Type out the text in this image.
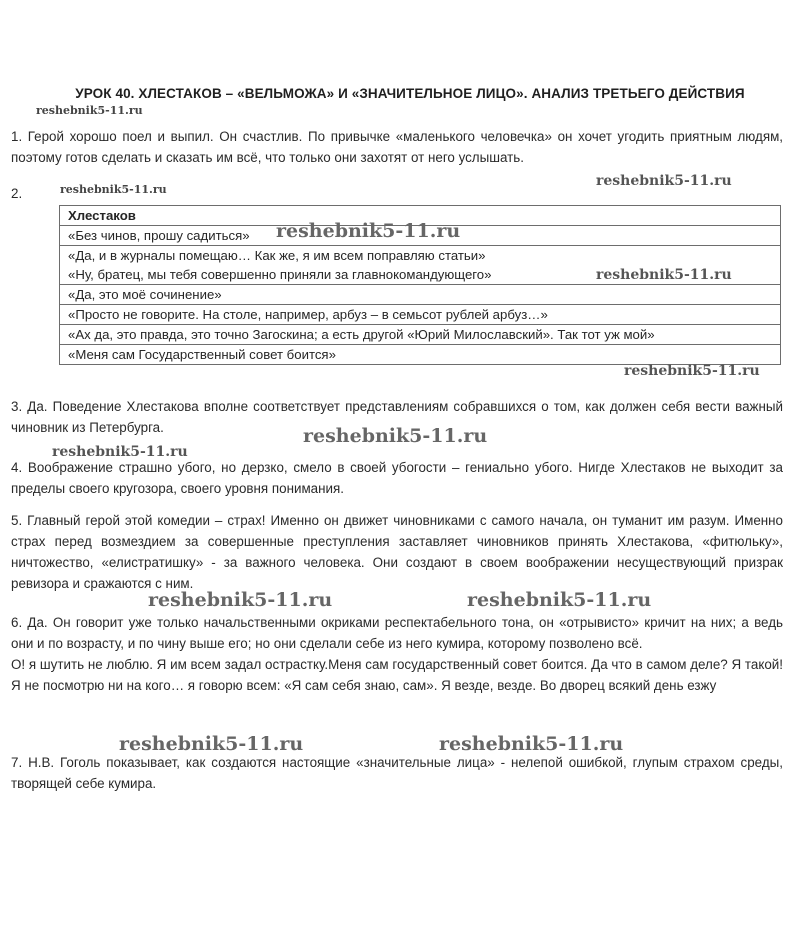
УРОК 40. ХЛЕСТАКОВ – «ВЕЛЬМОЖА» И «ЗНАЧИТЕЛЬНОЕ ЛИЦО». АНАЛИЗ ТРЕТЬЕГО ДЕЙСТВИЯ
reshebnik5-11.ru

1. Герой хорошо поел и выпил. Он счастлив. По привычке «маленького человечка» он хочет угодить приятным людям, поэтому готов сделать и сказать им всё, что только они захотят от него услышать.

2.	reshebnik5-11.ru
reshebnik5-11.ru
Хлестаков
«Без чинов, прошу садиться»
«Да, и в журналы помещаю… Как же, я им всем поправляю статьи»
«Ну, братец, мы тебя совершенно приняли за главнокомандующего»
«Да, это моё сочинение»
«Просто не говорите. На столе, например, арбуз – в семьсот рублей арбуз…»
«Ах да, это правда, это точно Загоскина; а есть другой «Юрий Милославский». Так тот уж мой»
«Меня сам Государственный совет боится»
reshebnik5-11.ru
reshebnik5-11.ru
reshebnik5-11.ru

3. Да. Поведение Хлестакова вполне соответствует представлениям собравшихся о том, как должен себя вести важный чиновник из Петербурга.	reshebnik5-11.ru
reshebnik5-11.ru

4. Воображение страшно убого, но дерзко, смело в своей убогости – гениально убого. Нигде Хлестаков не выходит за пределы своего кругозора, своего уровня понимания.

5. Главный герой этой комедии – страх! Именно он движет чиновниками с самого начала, он туманит им разум. Именно страх перед возмездием за совершенные преступления заставляет чиновников принять Хлестакова, «фитюльку», ничтожество, «елистратишку» - за важного человека. Они создают в своем воображении несуществующий призрак ревизора и сражаются с ним.

reshebnik5-11.ru	reshebnik5-11.ru

6. Да. Он говорит уже только начальственными окриками респектабельного тона, он «отрывисто» кричит на них; а ведь они и по возрасту, и по чину выше его; но они сделали себе из него кумира, которому позволено всё.

О! я шутить не люблю. Я им всем задал острастку.Меня сам государственный совет боится. Да что в самом деле? Я такой! Я не посмотрю ни на кого… я говорю всем: «Я сам себя знаю, сам». Я везде, везде. Во дворец всякий день езжу

reshebnik5-11.ru	reshebnik5-11.ru

7. Н.В. Гоголь показывает, как создаются настоящие «значительные лица» - нелепой ошибкой, глупым страхом среды, творящей себе кумира.
